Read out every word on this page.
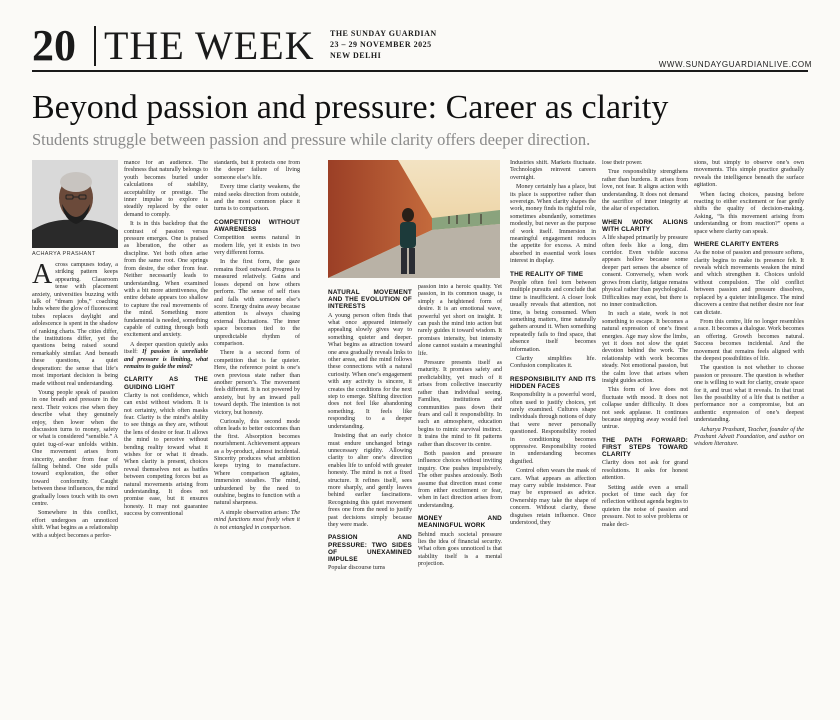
20 THE WEEK THE SUNDAY GUARDIAN
23 – 29 NOVEMBER 2025
NEW DELHI
WWW.SUNDAYGUARDIANLIVE.COM
Beyond passion and pressure: Career as clarity
Students struggle between passion and pressure while clarity offers deeper direction.
ACHARYA PRASHANT

Across campuses today, a striking pattern keeps appearing. Classroom tense with placement anxiety, universities buzzing with talk of “dream jobs,” coaching hubs where the glow of fluorescent tubes replaces daylight and adolescence is spent in the shadow of ranking charts. The cities differ, the institutions differ, yet the questions being raised sound remarkably similar. And beneath these questions, a quiet desperation: the sense that life’s most important decision is being made without real understanding.

Young people speak of passion in one breath and pressure in the next. Their voices rise when they describe what they genuinely enjoy, then lower when the discussion turns to money, safety or what is considered “sensible.” A quiet tug-of-war unfolds within. One movement arises from sincerity, another from fear of falling behind. One side pulls toward exploration, the other toward conformity. Caught between these influences, the mind gradually loses touch with its own centre.

Somewhere in this conflict, effort undergoes an unnoticed shift. What begins as a relationship with a subject becomes a perfor-

mance for an audience. The freshness that naturally belongs to youth becomes buried under calculations of stability, acceptability or prestige. The inner impulse to explore is steadily replaced by the outer demand to comply.

It is in this backdrop that the contrast of passion versus pressure emerges. One is praised as liberation, the other as discipline. Yet both often arise from the same root. One springs from desire, the other from fear. Neither necessarily leads to understanding. When examined with a bit more attentiveness, the entire debate appears too shallow to capture the real movements of the mind. Something more fundamental is needed, something capable of cutting through both excitement and anxiety.

A deeper question quietly asks itself: If passion is unreliable and pressure is limiting, what remains to guide the mind?

CLARITY AS THE GUIDING LIGHT

Clarity is not confidence, which can exist without wisdom. It is not certainty, which often masks fear. Clarity is the mind’s ability to see things as they are, without the lens of desire or fear. It allows the mind to perceive without bending reality toward what it wishes for or what it dreads. When clarity is present, choices reveal themselves not as battles between competing forces but as natural movements arising from understanding. It does not promise ease, but it ensures honesty. It may not guarantee success by conventional

standards, but it protects one from the deeper failure of living someone else’s life.

Every time clarity weakens, the mind seeks direction from outside, and the most common place it turns is to comparison.

COMPETITION WITHOUT AWARENESS

Competition seems natural in modern life, yet it exists in two very different forms.

In the first form, the gaze remains fixed outward. Progress is measured relatively. Gains and losses depend on how others perform. The sense of self rises and falls with someone else’s score. Energy drains away because attention is always chasing external fluctuations. The inner space becomes tied to the unpredictable rhythm of comparison.

There is a second form of competition that is far quieter. Here, the reference point is one’s own previous state rather than another person’s. The movement feels different. It is not powered by anxiety, but by an inward pull toward depth. The intention is not victory, but honesty.

Curiously, this second mode often leads to better outcomes than the first. Absorption becomes nourishment. Achievement appears as a by-product, almost incidental. Sincerity produces what ambition keeps trying to manufacture. Where comparison agitates, immersion steadies. The mind, unburdened by the need to outshine, begins to function with a natural sharpness.

A simple observation arises: The mind functions most freely when it is not entangled in comparison.

NATURAL MOVEMENT AND THE EVOLUTION OF INTERESTS

A young person often finds that what once appeared intensely appealing slowly gives way to something quieter and deeper. What begins as attraction toward one area gradually reveals links to other areas, and the mind follows these connections with a natural curiosity. When one’s engagement with any activity is sincere, it creates the conditions for the next step to emerge. Shifting direction does not feel like abandoning something. It feels like responding to a deeper understanding.

Insisting that an early choice must endure unchanged brings unnecessary rigidity. Allowing clarity to alter one’s direction enables life to unfold with greater honesty. The mind is not a fixed structure. It refines itself, sees more sharply, and gently leaves behind earlier fascinations. Recognising this quiet movement frees one from the need to justify past decisions simply because they were made.

PASSION AND PRESSURE: TWO SIDES OF UNEXAMINED IMPULSE

Popular discourse turns

passion into a heroic quality. Yet passion, in its common usage, is simply a heightened form of desire. It is an emotional wave, powerful yet short on insight. It can push the mind into action but rarely guides it toward wisdom. It promises intensity, but intensity alone cannot sustain a meaningful life.

Pressure presents itself as maturity. It promises safety and predictability, yet much of it arises from collective insecurity rather than individual seeing. Families, institutions and communities pass down their fears and call it responsibility. In such an atmosphere, education begins to mimic survival instinct. It trains the mind to fit patterns rather than discover its centre.

Both passion and pressure influence choices without inviting inquiry. One pushes impulsively. The other pushes anxiously. Both assume that direction must come from either excitement or fear, when in fact direction arises from understanding.

MONEY AND MEANINGFUL WORK

Behind much societal pressure lies the idea of financial security. What often goes unnoticed is that stability itself is a mental projection.

Industries shift. Markets fluctuate. Technologies reinvent careers overnight.

Money certainly has a place, but its place is supportive rather than sovereign. When clarity shapes the work, money finds its rightful role, sometimes abundantly, sometimes modestly, but never as the purpose of work itself. Immersion in meaningful engagement reduces the appetite for excess. A mind absorbed in essential work loses interest in display.

THE REALITY OF TIME

People often feel torn between multiple pursuits and conclude that time is insufficient. A closer look usually reveals that attention, not time, is being consumed. When something matters, time naturally gathers around it. When something repeatedly fails to find space, that absence itself becomes information.

Clarity simplifies life. Confusion complicates it.

RESPONSIBILITY AND ITS HIDDEN FACES

Responsibility is a powerful word, often used to justify choices, yet rarely examined. Cultures shape individuals through notions of duty that were never personally questioned. Responsibility rooted in conditioning becomes oppressive. Responsibility rooted in understanding becomes dignified.

Control often wears the mask of care. What appears as affection may carry subtle insistence. Fear may be expressed as advice. Ownership may take the shape of concern. Without clarity, these disguises retain influence. Once understood, they

lose their power.

True responsibility strengthens rather than burdens. It arises from love, not fear. It aligns action with understanding. It does not demand the sacrifice of inner integrity at the altar of expectation.

WHEN WORK ALIGNS WITH CLARITY

A life shaped primarily by pressure often feels like a long, dim corridor. Even visible success appears hollow because some deeper part senses the absence of consent. Conversely, when work grows from clarity, fatigue remains physical rather than psychological. Difficulties may exist, but there is no inner contradiction.

In such a state, work is not something to escape. It becomes a natural expression of one’s finest energies. Age may slow the limbs, yet it does not slow the quiet devotion behind the work. The relationship with work becomes steady. Not emotional passion, but the calm love that arises when insight guides action.

This form of love does not fluctuate with mood. It does not collapse under difficulty. It does not seek applause. It continues because stepping away would feel untrue.

THE PATH FORWARD: FIRST STEPS TOWARD CLARITY

Clarity does not ask for grand resolutions. It asks for honest attention.

Setting aside even a small pocket of time each day for reflection without agenda begins to quieten the noise of passion and pressure. Not to solve problems or make deci-

sions, but simply to observe one’s own movements. This simple practice gradually reveals the intelligence beneath the surface agitation.

When facing choices, pausing before reacting to either excitement or fear gently shifts the quality of decision-making. Asking, “Is this movement arising from understanding or from reaction?” opens a space where clarity can speak.

WHERE CLARITY ENTERS

As the noise of passion and pressure softens, clarity begins to make its presence felt. It reveals which movements weaken the mind and which strengthen it. Choices unfold without compulsion. The old conflict between passion and pressure dissolves, replaced by a quieter intelligence. The mind discovers a centre that neither desire nor fear can dictate.

From this centre, life no longer resembles a race. It becomes a dialogue. Work becomes an offering. Growth becomes natural. Success becomes incidental. And the movement that remains feels aligned with the deepest possibilities of life.

The question is not whether to choose passion or pressure. The question is whether one is willing to wait for clarity, create space for it, and trust what it reveals. In that trust lies the possibility of a life that is neither a performance nor a compromise, but an authentic expression of one’s deepest understanding.

Acharya Prashant, Teacher, founder of the Prashant Advait Foundation, and author on wisdom literature.
